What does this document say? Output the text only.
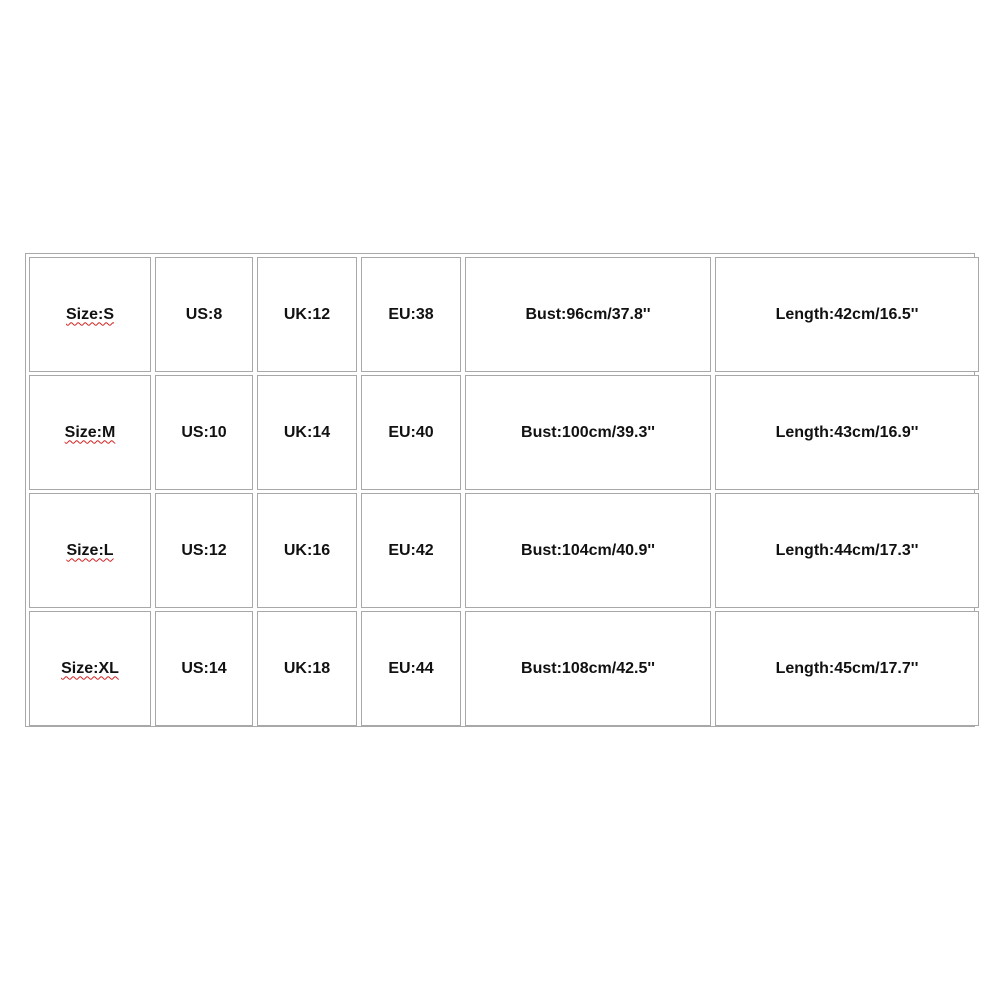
Size:S	US:8	UK:12	EU:38	Bust:96cm/37.8''	Length:42cm/16.5''
Size:M	US:10	UK:14	EU:40	Bust:100cm/39.3''	Length:43cm/16.9''
Size:L	US:12	UK:16	EU:42	Bust:104cm/40.9''	Length:44cm/17.3''
Size:XL	US:14	UK:18	EU:44	Bust:108cm/42.5''	Length:45cm/17.7''
